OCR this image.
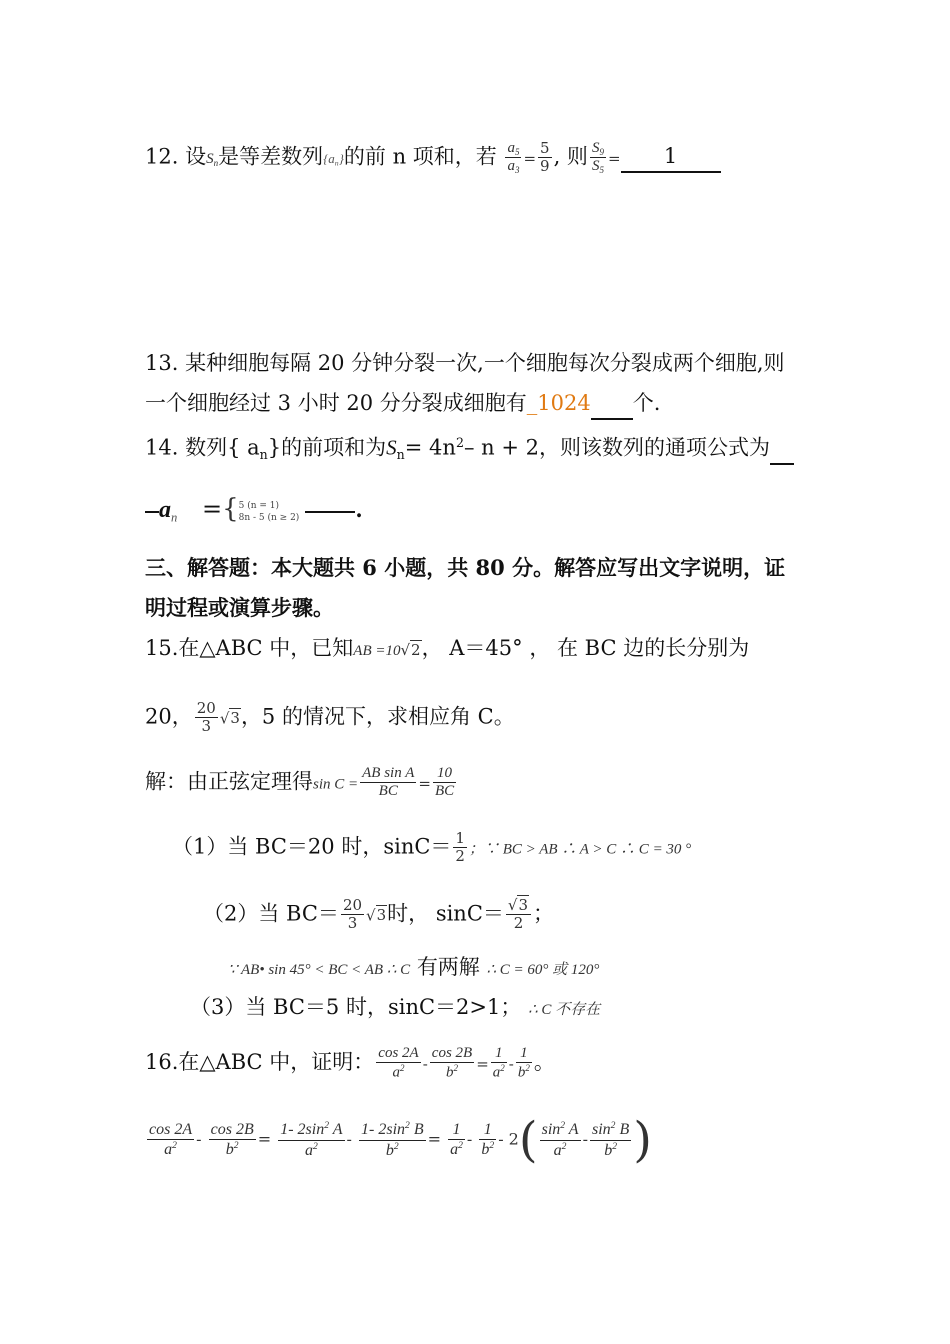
12. 设$S_n$是等差数列$\{a_n\}$的前 n 项和，若 $\frac{a_5}{a_3} = \frac{5}{9}$ , 则 $\frac{S_9}{S_5} = 1$
13. 某种细胞每隔 20 分钟分裂一次,一个细胞每次分裂成两个细胞,则
一个细胞经过 3 小时 20 分分裂成细胞有_1024 个.
14. 数列{ $a_n$}的前项和为$S_n= 4n^2-$ n + 2，则该数列的通项公式为
$a_n$ ={ 5 (n = 1)
8n - 5 (n ≥ 2)	.
三、解答题：本大题共 6 小题，共 80 分。解答应写出文字说明，证
明过程或演算步骤。
15.在△ABC 中，已知AB =10√2， A＝45° ， 在 BC 边的长分别为
20， $\frac{20}{3} √3$，5 的情况下，求相应角 C。
解：由正弦定理得$\sin C = \frac{\text{AB sin A}}{BC} = \frac{10}{BC}$
（1）当 BC＝20 时，$\sin C= \frac{1}{2}$ ；∵ BC > AB ∴ A > C ∴ C = 30 °
（2）当 $BC= \frac{20}{3} √3$时， $\sin C= \frac{√3}{2}$ ；
∵ AB• sin 45° < BC < AB ∴ C 有两解 ∴ C = 60° 或 120°
（3）当 BC＝5 时，sinC＝2>1； ∴ C 不存在
16.在△ABC 中，证明： $\frac{\cos 2A}{a^2} - \frac{\cos 2B}{b^2} = \frac{1}{a^2} - \frac{1}{b^2}$ 。
$\frac{\cos 2A}{a^2} - \frac{\cos 2B}{b^2} = \frac{1- 2\sin^2 A}{a^2} - \frac{1- 2\sin^2 B}{b^2} = \frac{1}{a^2} - \frac{1}{b^2} - 2( \frac{\sin^2 A}{a^2} - \frac{\sin^2 B}{b^2}$ )
